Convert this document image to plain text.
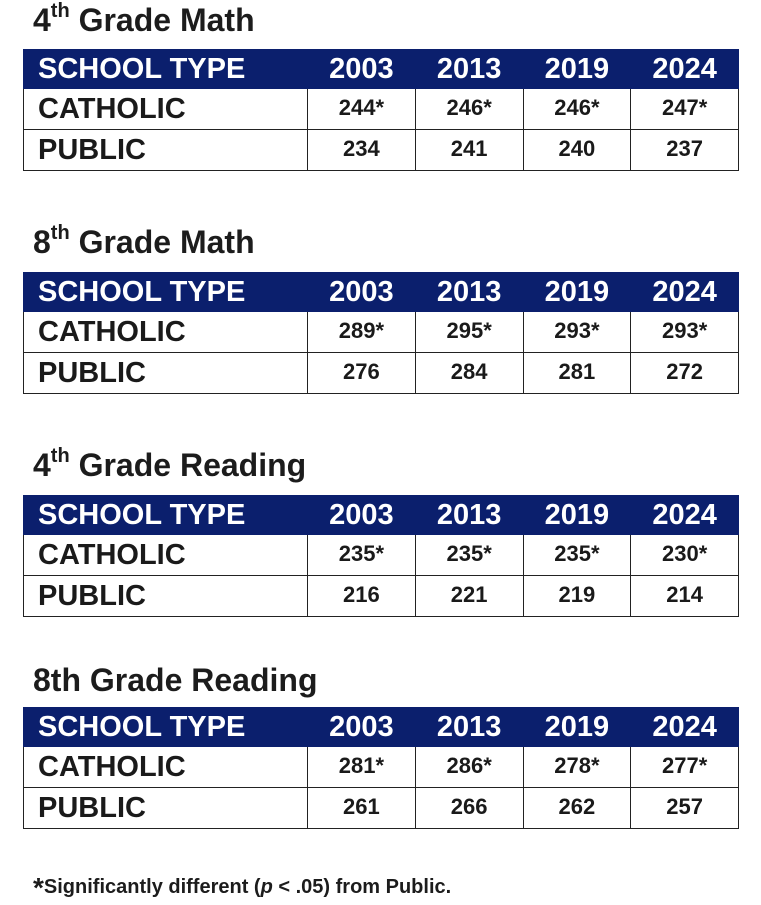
4th Grade Math
SCHOOL TYPE	2003	2013	2019	2024
CATHOLIC	244*	246*	246*	247*
PUBLIC	234	241	240	237
8th Grade Math
SCHOOL TYPE	2003	2013	2019	2024
CATHOLIC	289*	295*	293*	293*
PUBLIC	276	284	281	272
4th Grade Reading
SCHOOL TYPE	2003	2013	2019	2024
CATHOLIC	235*	235*	235*	230*
PUBLIC	216	221	219	214
8th Grade Reading
SCHOOL TYPE	2003	2013	2019	2024
CATHOLIC	281*	286*	278*	277*
PUBLIC	261	266	262	257
*Significantly different (p < .05) from Public.
